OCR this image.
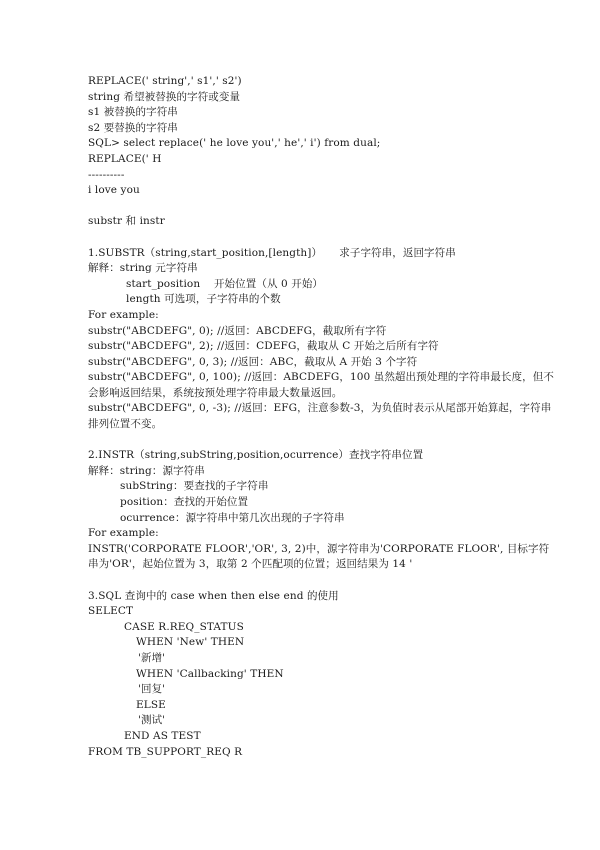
REPLACE(' string',' s1',' s2')
string 希望被替换的字符或变量
s1 被替换的字符串
s2 要替换的字符串
SQL> select replace(' he love you',' he',' i') from dual;
REPLACE(' H
----------
i love you
substr 和 instr
1.SUBSTR（string,start_position,[length]）     求子字符串，返回字符串
解释：string 元字符串
start_position    开始位置（从 0 开始）
length 可选项，子字符串的个数
For example:
substr("ABCDEFG", 0); //返回：ABCDEFG，截取所有字符
substr("ABCDEFG", 2); //返回：CDEFG，截取从 C 开始之后所有字符
substr("ABCDEFG", 0, 3); //返回：ABC，截取从 A 开始 3 个字符
substr("ABCDEFG", 0, 100); //返回：ABCDEFG，100 虽然超出预处理的字符串最长度，但不会影响返回结果，系统按预处理字符串最大数量返回。
substr("ABCDEFG", 0, -3); //返回：EFG，注意参数-3，为负值时表示从尾部开始算起，字符串排列位置不变。
2.INSTR（string,subString,position,ocurrence）查找字符串位置
解释：string：源字符串
subString：要查找的子字符串
position：查找的开始位置
ocurrence：源字符串中第几次出现的子字符串
For example:
INSTR('CORPORATE FLOOR','OR', 3, 2)中，源字符串为'CORPORATE FLOOR', 目标字符串为'OR'，起始位置为 3，取第 2 个匹配项的位置；返回结果为 14 '
3.SQL 查询中的 case when then else end 的使用
SELECT
CASE R.REQ_STATUS
WHEN 'New' THEN
'新增'
WHEN 'Callbacking' THEN
'回复'
ELSE
'测试'
END AS TEST
FROM TB_SUPPORT_REQ R
